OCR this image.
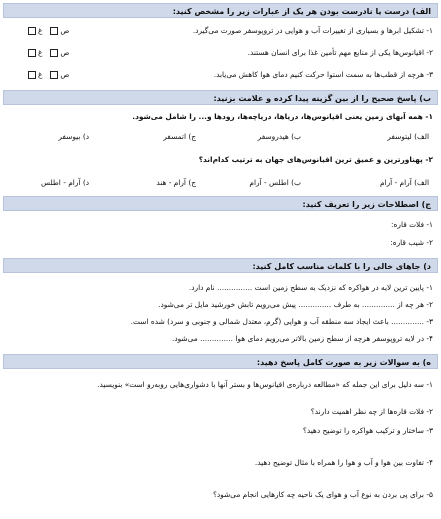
الف) درست یا نادرست بودن هر یک از عبارات زیر را مشخص کنید:
۱- تشکیل ابرها و بسیاری از تغییرات آب و هوایی در تروپوسفر صورت می‌گیرد.
۲- اقیانوس‌ها یکی از منابع مهم تأمین غذا برای انسان هستند.
۳- هرچه از قطب‌ها به سمت استوا حرکت کنیم دمای هوا کاهش می‌یابد.
غ ص
غ ص
غ ص
ب) پاسخ صحیح را از بین گزینه پیدا کرده و علامت بزنید:
۱- همه آبهای زمین یعنی اقیانوس‌ها، دریاها، دریاچه‌ها، رودها و... را شامل می‌شود.
الف) لیتوسفر
ب) هیدروسفر
ج) اتمسفر
د) بیوسفر
۲- پهناورترین و عمیق ترین اقیانوس‌های جهان به ترتیب کدام‌اند؟
الف) آرام - آرام
ب) اطلس - آرام
ج) آرام - هند
د) آرام - اطلس
ج) اصطلاحات زیر را تعریف کنید:
۱- فلات قاره:
۲- شیب قاره:
د) جاهای خالی را با کلمات مناسب کامل کنید:
۱- پایین ترین لایه در هواکره که نزدیک به سطح زمین است ............... نام دارد.
۲- هر چه از .............. به طرف .............. پیش می‌رویم تابش خورشید مایل تر می‌شود.
۳- .............. باعث ایجاد سه منطقه آب و هوایی (گرم، معتدل شمالی و جنوبی و سرد) شده است.
۴- در لایه تروپوسفر هرچه از سطح زمین بالاتر می‌رویم دمای هوا .............. می‌شود.
ه) به سوالات زیر به صورت کامل پاسخ دهید:
۱- سه دلیل برای این جمله که «مطالعه درباره‌ی اقیانوس‌ها و بستر آنها با دشواری‌هایی روبه‌رو است» بنویسید.
۲- فلات قاره‌ها از چه نظر اهمیت دارند؟
۳- ساختار و ترکیب هواکره را توضیح دهید؟
۴- تفاوت بین هوا و آب و هوا را همراه با مثال توضیح دهید.
۵- برای پی بردن به نوع آب و هوای یک ناحیه چه کارهایی انجام می‌شود؟
